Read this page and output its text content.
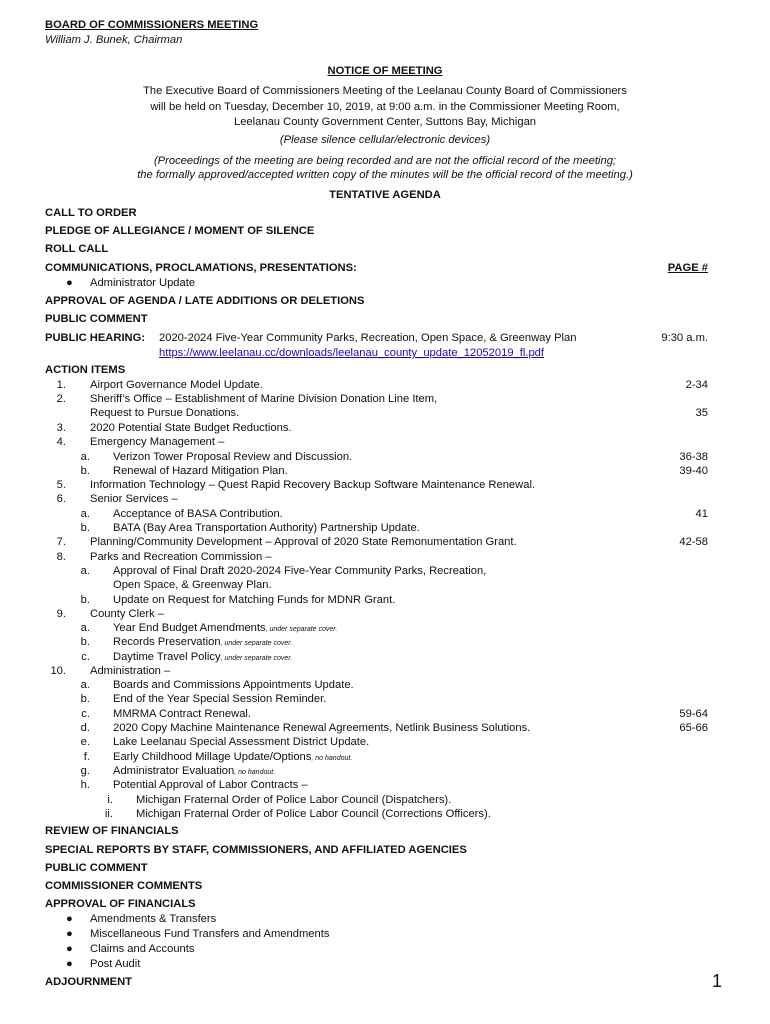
BOARD OF COMMISSIONERS MEETING
William J. Bunek, Chairman
NOTICE OF MEETING
The Executive Board of Commissioners Meeting of the Leelanau County Board of Commissioners
will be held on Tuesday, December 10, 2019, at 9:00 a.m. in the Commissioner Meeting Room,
Leelanau County Government Center, Suttons Bay, Michigan
(Please silence cellular/electronic devices)
(Proceedings of the meeting are being recorded and are not the official record of the meeting;
the formally approved/accepted written copy of the minutes will be the official record of the meeting.)
TENTATIVE AGENDA
CALL TO ORDER
PLEDGE OF ALLEGIANCE / MOMENT OF SILENCE
ROLL CALL
COMMUNICATIONS, PROCLAMATIONS, PRESENTATIONS:	PAGE #
● Administrator Update
APPROVAL OF AGENDA / LATE ADDITIONS OR DELETIONS
PUBLIC COMMENT
PUBLIC HEARING: 2020-2024 Five-Year Community Parks, Recreation, Open Space, & Greenway Plan	9:30 a.m.
https://www.leelanau.cc/downloads/leelanau_county_update_12052019_fl.pdf
ACTION ITEMS
1. Airport Governance Model Update.	2-34
2. Sheriff’s Office – Establishment of Marine Division Donation Line Item,
Request to Pursue Donations.	35
3. 2020 Potential State Budget Reductions.
4. Emergency Management –
a. Verizon Tower Proposal Review and Discussion.	36-38
b. Renewal of Hazard Mitigation Plan.	39-40
5. Information Technology – Quest Rapid Recovery Backup Software Maintenance Renewal.
6. Senior Services –
a. Acceptance of BASA Contribution.	41
b. BATA (Bay Area Transportation Authority) Partnership Update.
7. Planning/Community Development – Approval of 2020 State Remonumentation Grant.	42-58
8. Parks and Recreation Commission –
a. Approval of Final Draft 2020-2024 Five-Year Community Parks, Recreation,
Open Space, & Greenway Plan.
b. Update on Request for Matching Funds for MDNR Grant.
9. County Clerk –
a. Year End Budget Amendments, under separate cover.
b. Records Preservation, under separate cover.
c. Daytime Travel Policy, under separate cover.
10. Administration –
a. Boards and Commissions Appointments Update.
b. End of the Year Special Session Reminder.
c. MMRMA Contract Renewal.	59-64
d. 2020 Copy Machine Maintenance Renewal Agreements, Netlink Business Solutions.	65-66
e. Lake Leelanau Special Assessment District Update.
f. Early Childhood Millage Update/Options, no handout.
g. Administrator Evaluation, no handout.
h. Potential Approval of Labor Contracts –
i. Michigan Fraternal Order of Police Labor Council (Dispatchers).
ii. Michigan Fraternal Order of Police Labor Council (Corrections Officers).
REVIEW OF FINANCIALS
SPECIAL REPORTS BY STAFF, COMMISSIONERS, AND AFFILIATED AGENCIES
PUBLIC COMMENT
COMMISSIONER COMMENTS
APPROVAL OF FINANCIALS
● Amendments & Transfers
● Miscellaneous Fund Transfers and Amendments
● Claims and Accounts
● Post Audit
ADJOURNMENT	1
